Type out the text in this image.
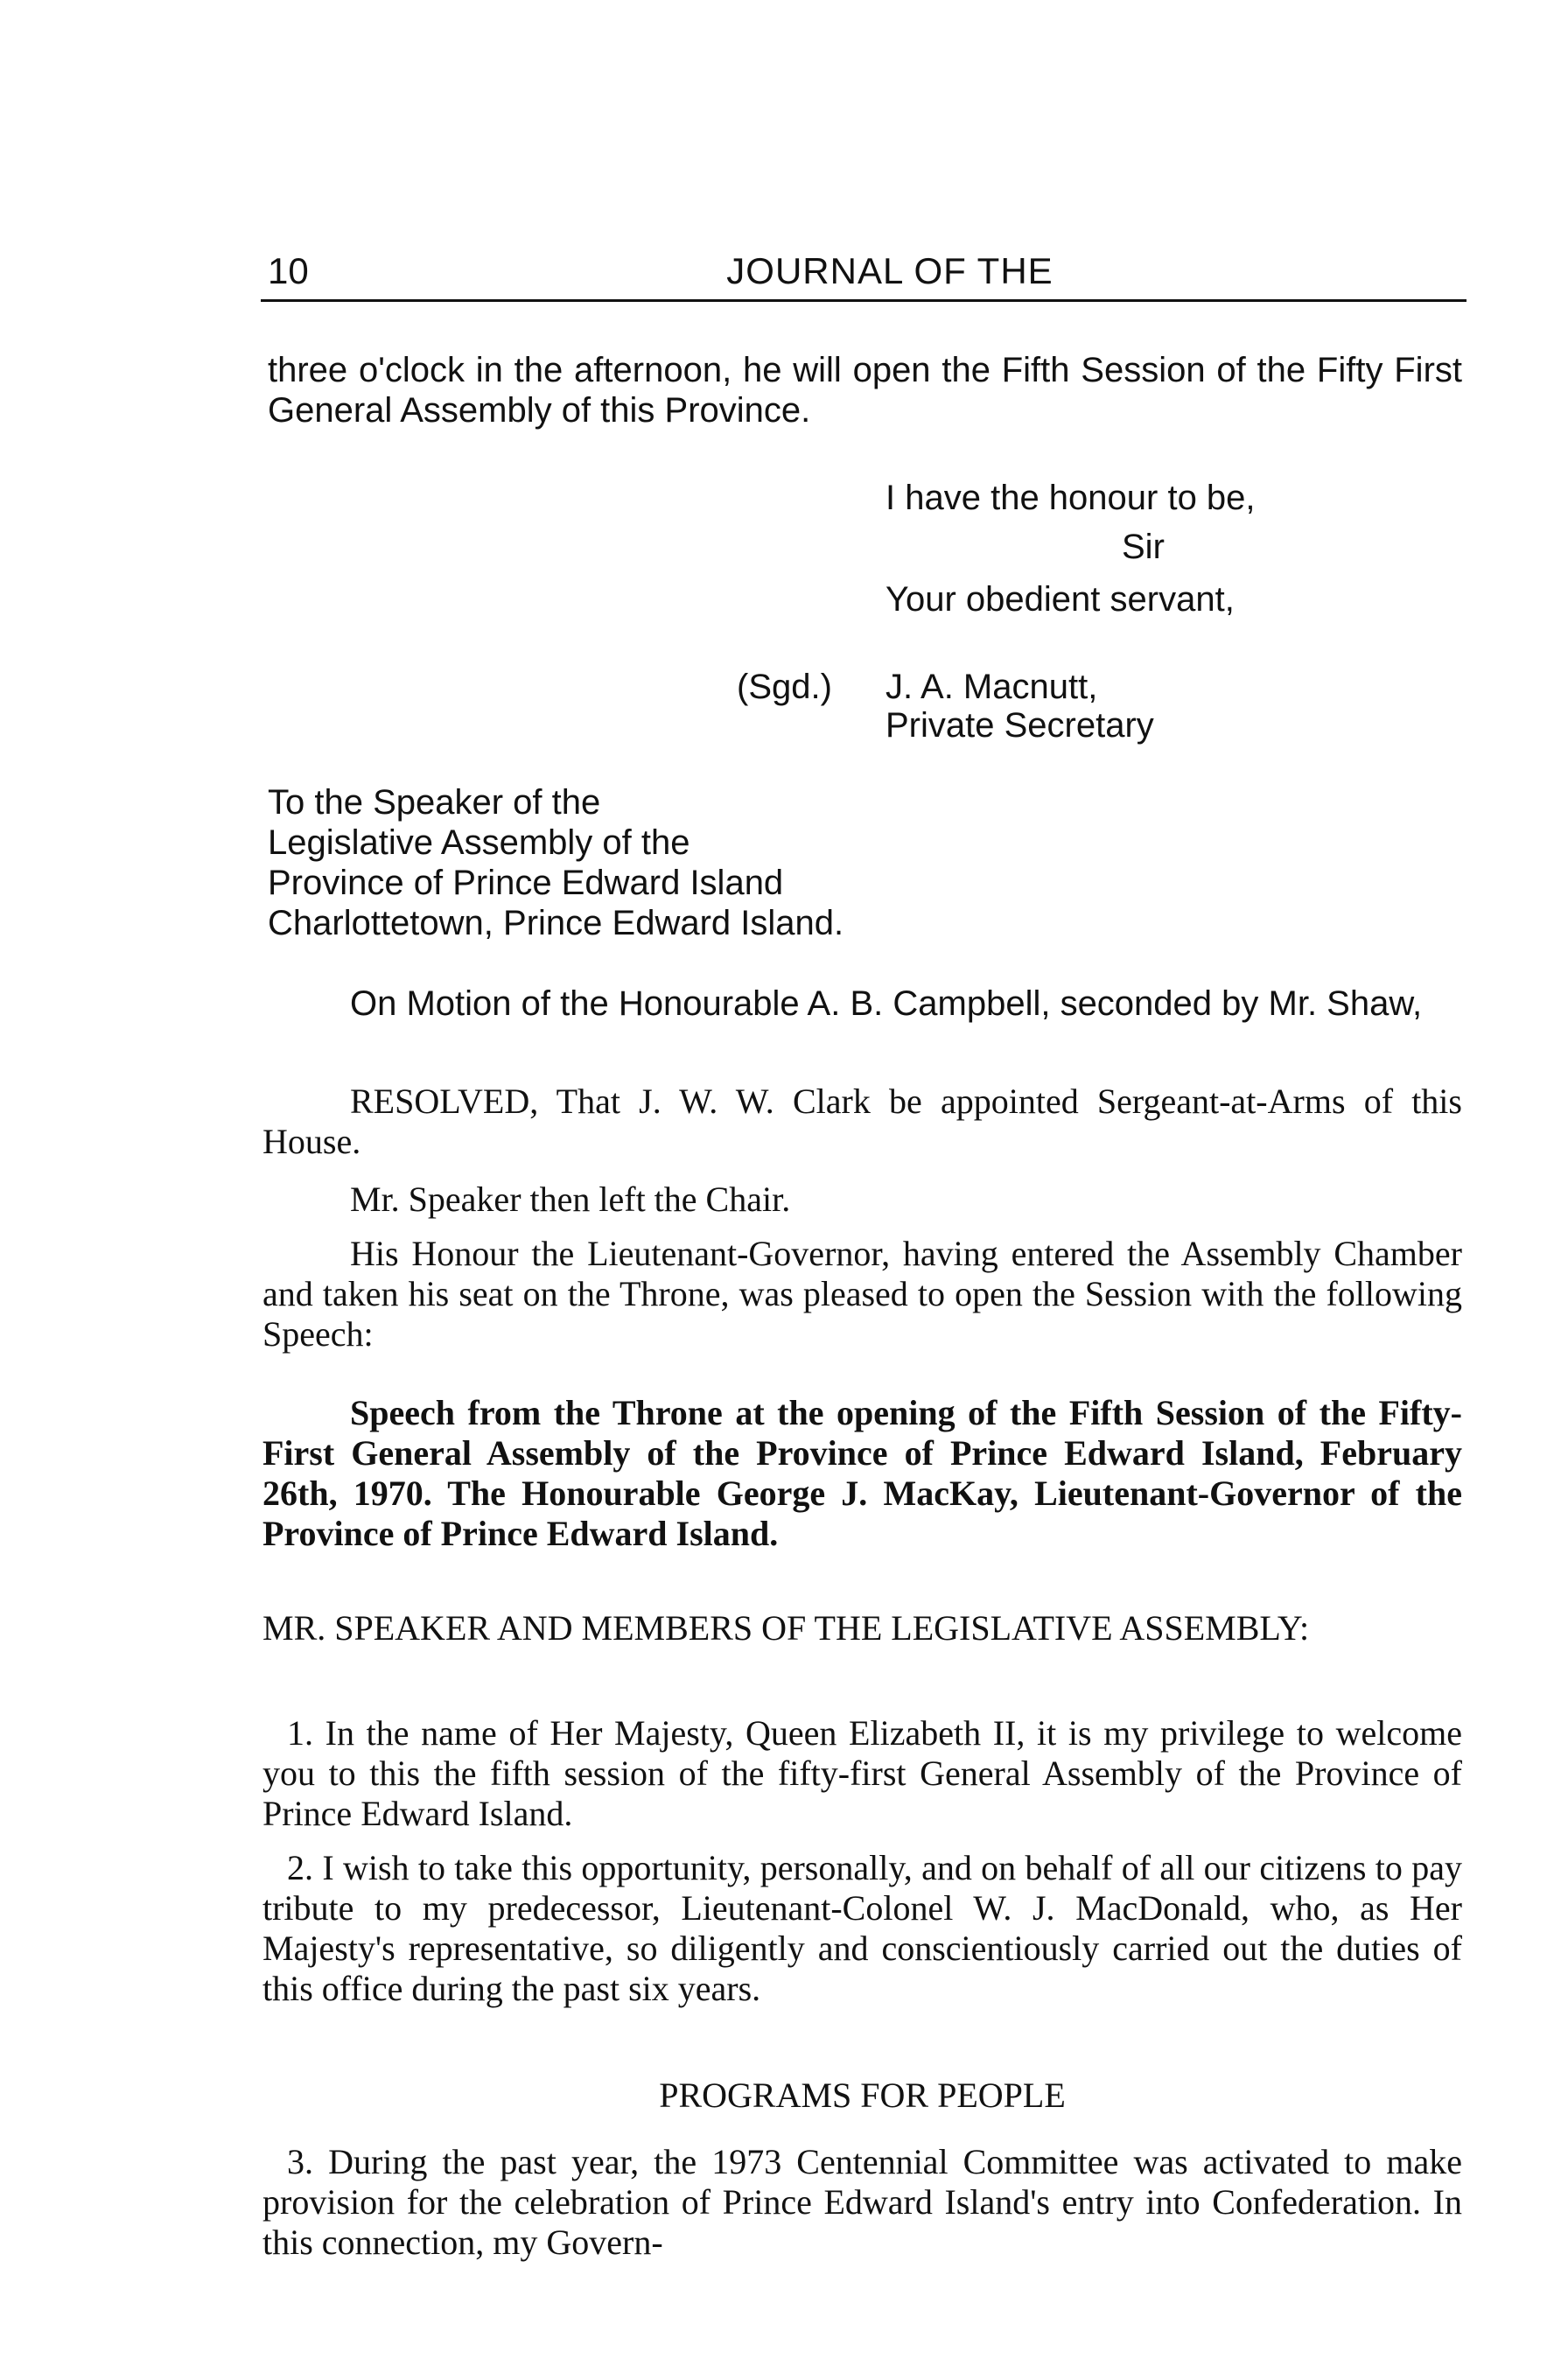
10	JOURNAL OF THE
three o'clock in the afternoon, he will open the Fifth Session of the Fifty First General Assembly of this Province.
I have the honour to be,
Sir
Your obedient servant,
(Sgd.) J. A. Macnutt,
Private Secretary
To the Speaker of the
Legislative Assembly of the
Province of Prince Edward Island
Charlottetown, Prince Edward Island.
On Motion of the Honourable A. B. Campbell, seconded by Mr. Shaw,
RESOLVED, That J. W. W. Clark be appointed Sergeant-at-Arms of this House.
Mr. Speaker then left the Chair.
His Honour the Lieutenant-Governor, having entered the Assembly Chamber and taken his seat on the Throne, was pleased to open the Session with the following Speech:
Speech from the Throne at the opening of the Fifth Session of the Fifty-First General Assembly of the Province of Prince Edward Island, February 26th, 1970. The Honourable George J. MacKay, Lieutenant-Governor of the Province of Prince Edward Island.
MR. SPEAKER AND MEMBERS OF THE LEGISLATIVE ASSEMBLY:
1. In the name of Her Majesty, Queen Elizabeth II, it is my privilege to welcome you to this the fifth session of the fifty-first General Assembly of the Province of Prince Edward Island.
2. I wish to take this opportunity, personally, and on behalf of all our citizens to pay tribute to my predecessor, Lieutenant-Colonel W. J. MacDonald, who, as Her Majesty's representative, so diligently and conscientiously carried out the duties of this office during the past six years.
PROGRAMS FOR PEOPLE
3. During the past year, the 1973 Centennial Committee was activated to make provision for the celebration of Prince Edward Island's entry into Confederation. In this connection, my Govern-
